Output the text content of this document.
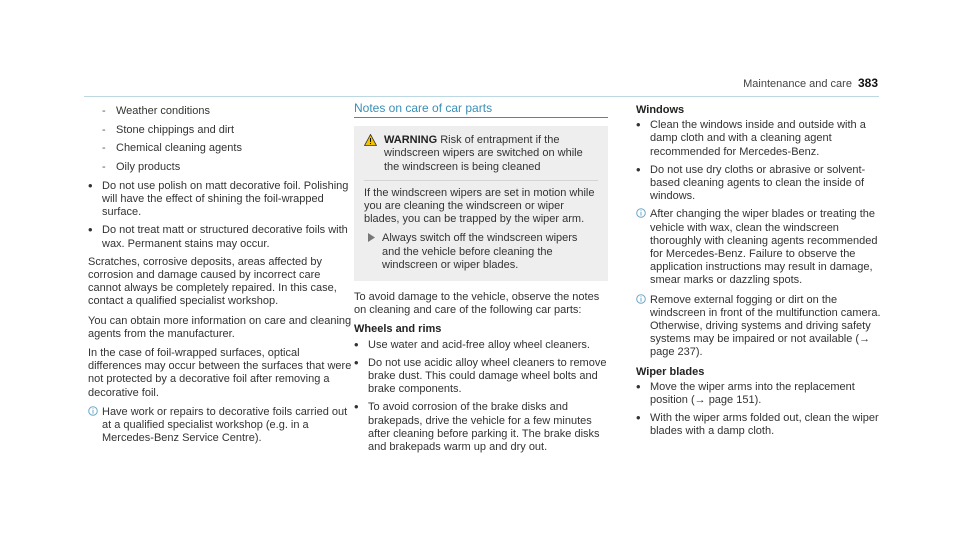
Maintenance and care 383
- Weather conditions
- Stone chippings and dirt
- Chemical cleaning agents
- Oily products
• Do not use polish on matt decorative foil. Polishing will have the effect of shining the foil-wrapped surface.
• Do not treat matt or structured decorative foils with wax. Permanent stains may occur.

Scratches, corrosive deposits, areas affected by corrosion and damage caused by incorrect care cannot always be completely repaired. In this case, contact a qualified specialist workshop.

You can obtain more information on care and cleaning agents from the manufacturer.

In the case of foil-wrapped surfaces, optical differences may occur between the surfaces that were not protected by a decorative foil after removing a decorative foil.

Have work or repairs to decorative foils carried out at a qualified specialist workshop (e.g. in a Mercedes-Benz Service Centre).
Notes on care of car parts
WARNING Risk of entrapment if the windscreen wipers are switched on while the windscreen is being cleaned
If the windscreen wipers are set in motion while you are cleaning the windscreen or wiper blades, you can be trapped by the wiper arm.
Always switch off the windscreen wipers and the vehicle before cleaning the windscreen or wiper blades.

To avoid damage to the vehicle, observe the notes on cleaning and care of the following car parts:

Wheels and rims
• Use water and acid-free alloy wheel cleaners.
• Do not use acidic alloy wheel cleaners to remove brake dust. This could damage wheel bolts and brake components.
• To avoid corrosion of the brake disks and brakepads, drive the vehicle for a few minutes after cleaning before parking it. The brake disks and brakepads warm up and dry out.
Windows
• Clean the windows inside and outside with a damp cloth and with a cleaning agent recommended for Mercedes-Benz.
• Do not use dry cloths or abrasive or solvent-based cleaning agents to clean the inside of windows.
After changing the wiper blades or treating the vehicle with wax, clean the windscreen thoroughly with cleaning agents recommended for Mercedes-Benz. Failure to observe the application instructions may result in damage, smear marks or dazzling spots.
Remove external fogging or dirt on the windscreen in front of the multifunction camera. Otherwise, driving systems and driving safety systems may be impaired or not available (→ page 237).
Wiper blades
• Move the wiper arms into the replacement position (→ page 151).
• With the wiper arms folded out, clean the wiper blades with a damp cloth.
